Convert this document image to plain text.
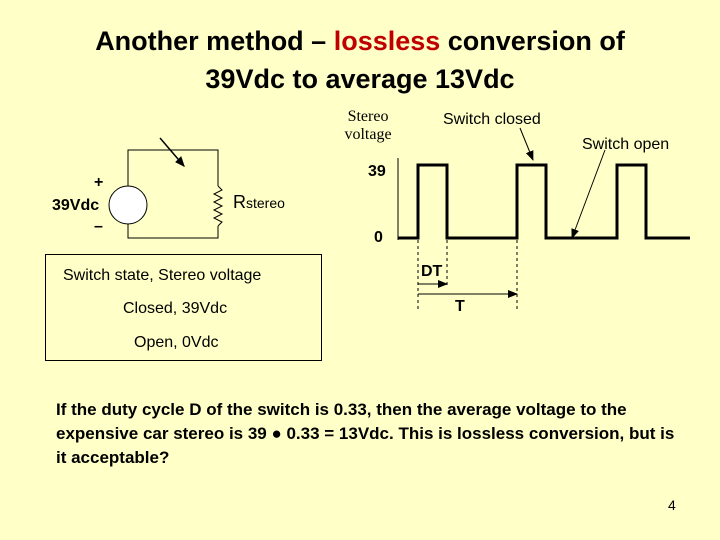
Another method – lossless conversion of
39Vdc to average 13Vdc
+
39Vdc
–
Rstereo
Stereo voltage
Switch closed
Switch open
39
0
DT
T
Switch state, Stereo voltage
Closed, 39Vdc
Open, 0Vdc
If the duty cycle D of the switch is 0.33, then the average voltage to the expensive car stereo is 39 ● 0.33 = 13Vdc. This is lossless conversion, but is it acceptable?
4
